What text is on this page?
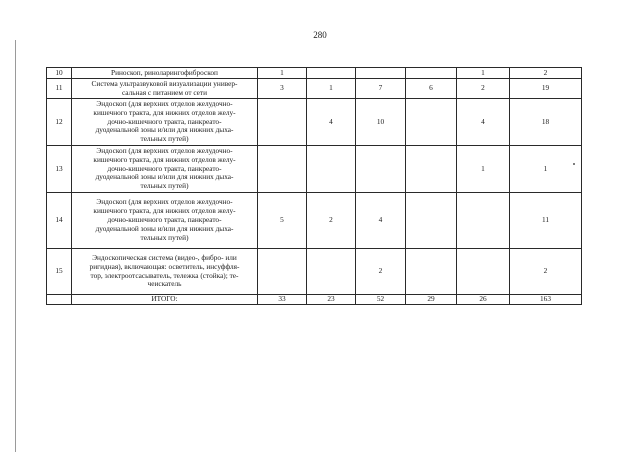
280
10	Риноскоп, риноларингофиброскоп	1				1	2
11	Система ультразвуковой визуализации универ-
сальная с питанием от сети	3	1	7	6	2	19
12	Эндоскоп (для верхних отделов желудочно-
кишечного тракта, для нижних отделов желу-
дочно-кишечного тракта, панкреато-
дуоденальной зоны и/или для нижних дыха-
тельных путей)		4	10		4	18
13	Эндоскоп (для верхних отделов желудочно-
кишечного тракта, для нижних отделов желу-
дочно-кишечного тракта, панкреато-
дуоденальной зоны и/или для нижних дыха-
тельных путей)					1	1
14	Эндоскоп (для верхних отделов желудочно-
кишечного тракта, для нижних отделов желу-
дочно-кишечного тракта, панкреато-
дуоденальной зоны и/или для нижних дыха-
тельных путей)	5	2	4			11
15	Эндоскопическая система (видео-, фибро- или
ригидная), включающая: осветитель, инсуффля-
тор, электроотсасыватель, тележка (стойка); те-
чеискатель			2			2
	ИТОГО:	33	23	52	29	26	163
